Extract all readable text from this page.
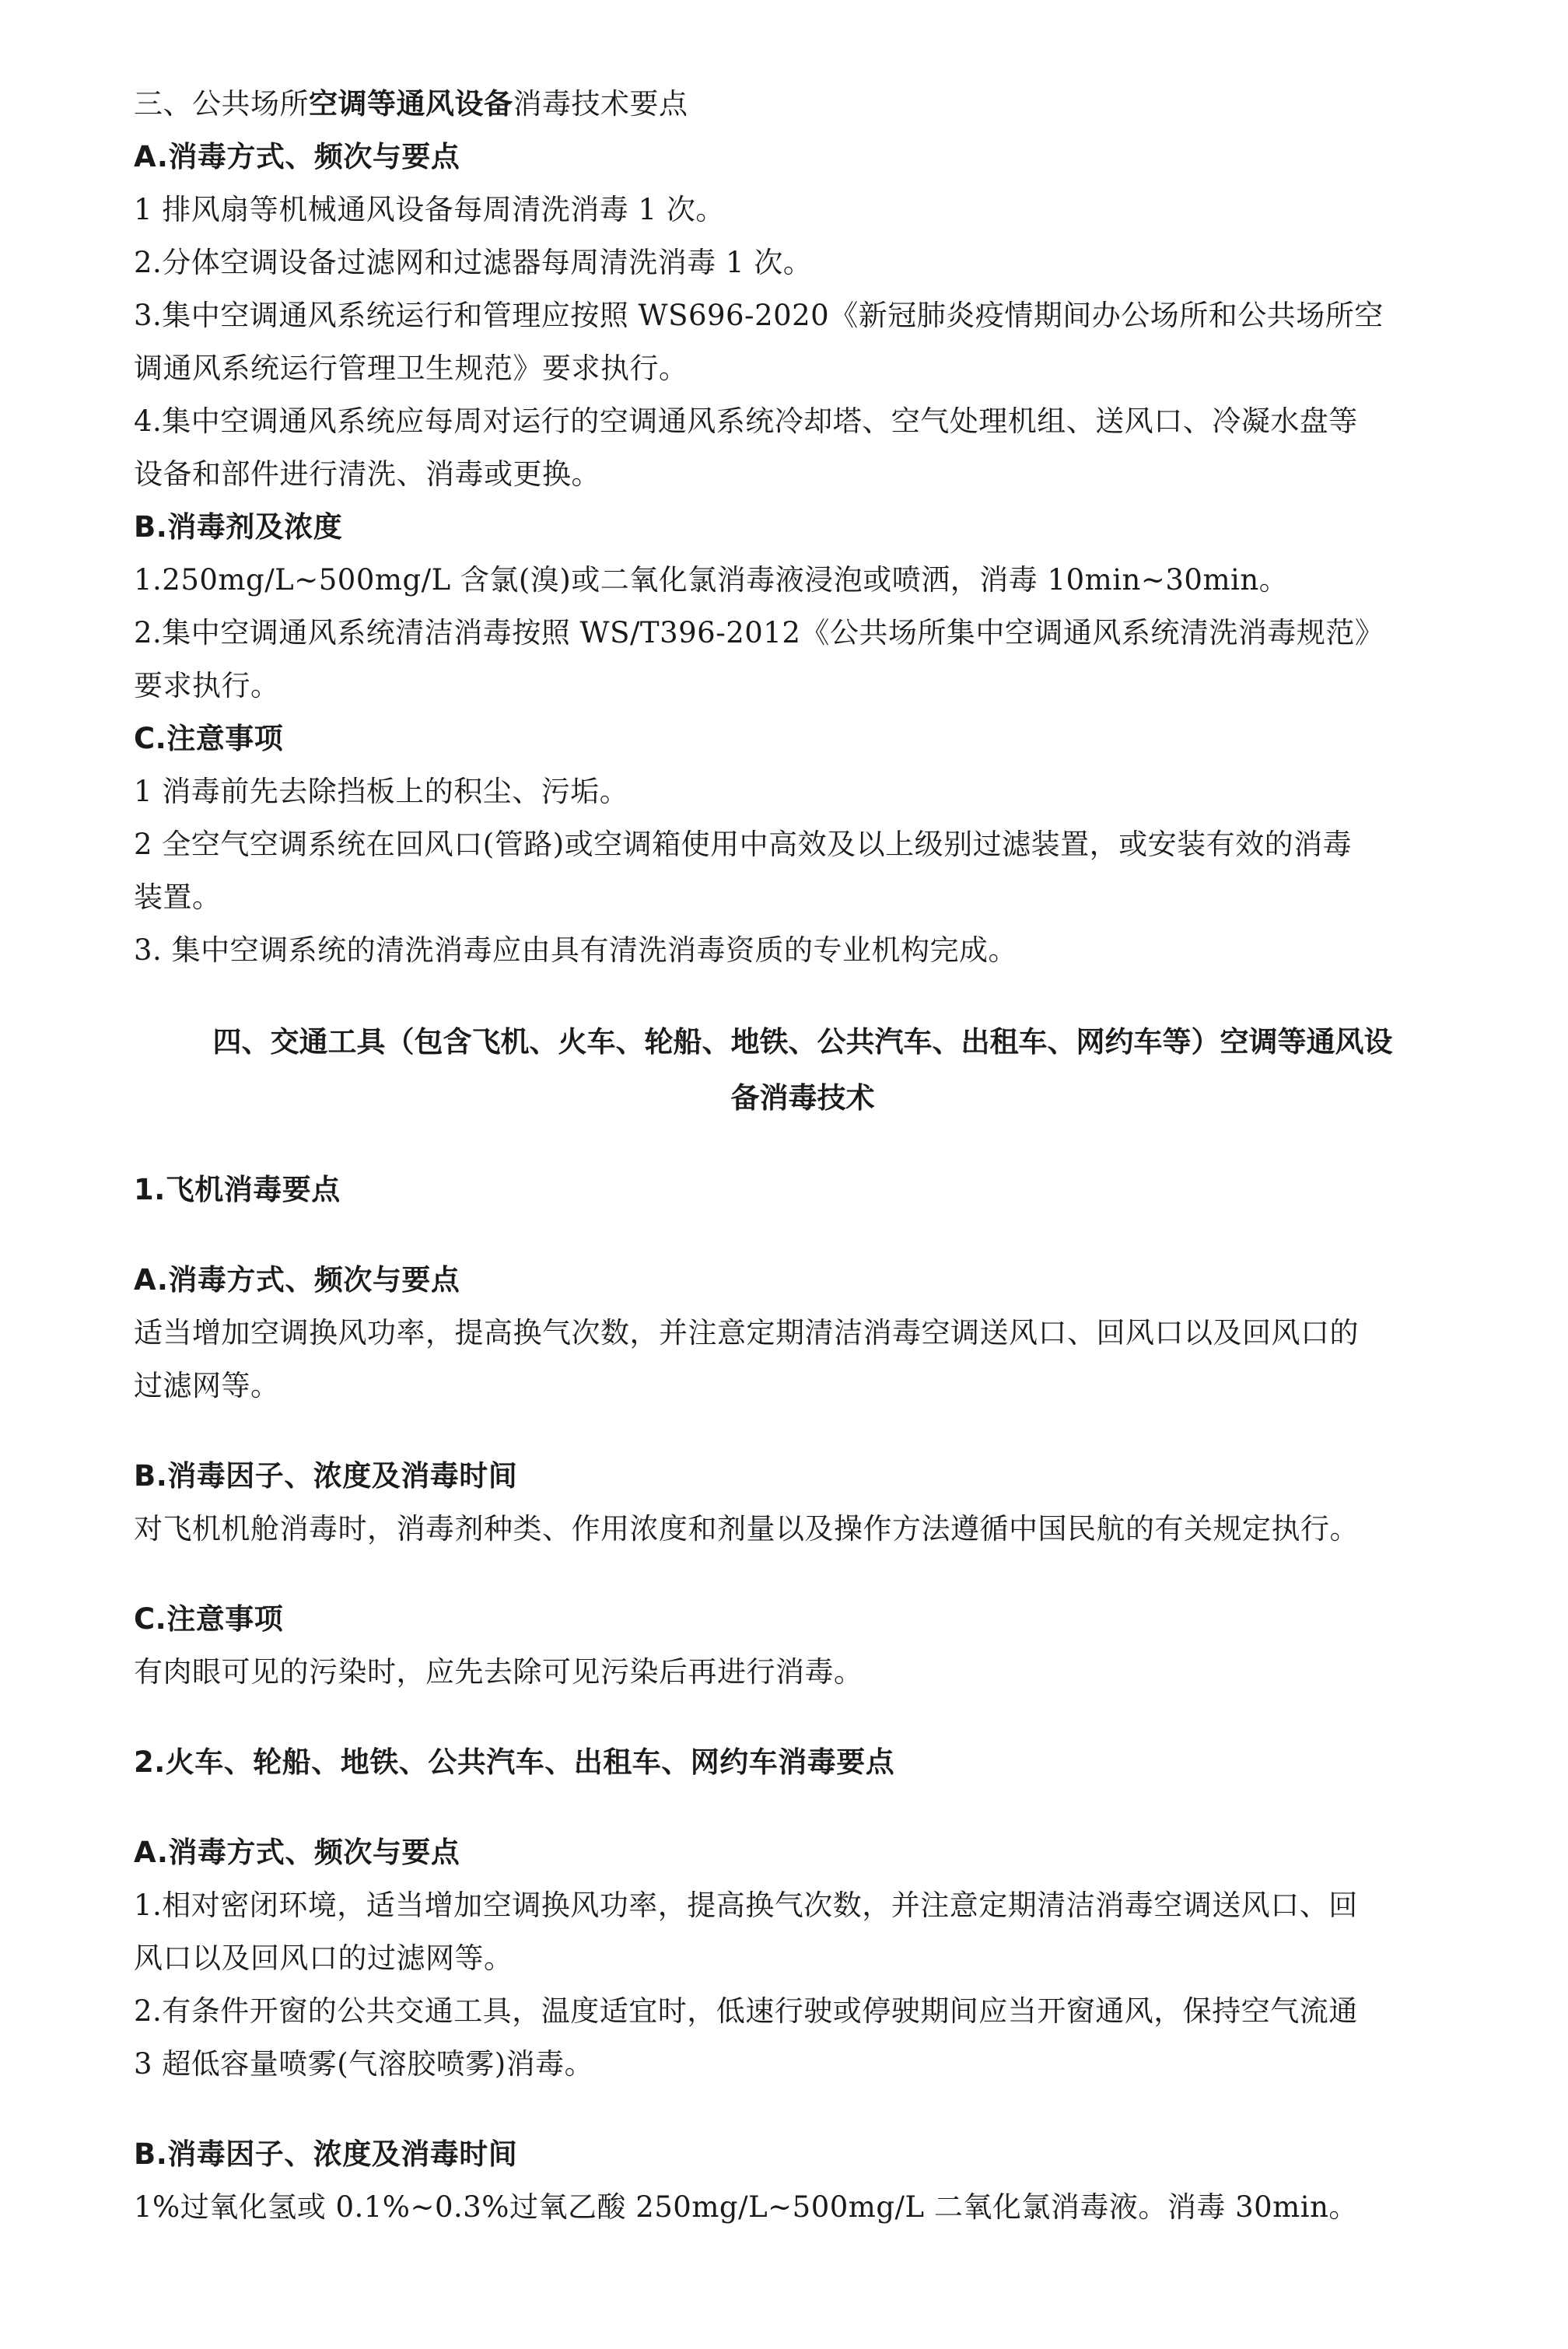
三、公共场所空调等通风设备消毒技术要点
A.消毒方式、频次与要点
1 排风扇等机械通风设备每周清洗消毒 1 次。
2.分体空调设备过滤网和过滤器每周清洗消毒 1 次。
3.集中空调通风系统运行和管理应按照 WS696-2020《新冠肺炎疫情期间办公场所和公共场所空
调通风系统运行管理卫生规范》要求执行。
4.集中空调通风系统应每周对运行的空调通风系统冷却塔、空气处理机组、送风口、冷凝水盘等
设备和部件进行清洗、消毒或更换。
B.消毒剂及浓度
1.250mg/L~500mg/L 含氯(溴)或二氧化氯消毒液浸泡或喷洒，消毒 10min~30min。
2.集中空调通风系统清洁消毒按照 WS/T396-2012《公共场所集中空调通风系统清洗消毒规范》
要求执行。
C.注意事项
1 消毒前先去除挡板上的积尘、污垢。
2 全空气空调系统在回风口(管路)或空调箱使用中高效及以上级别过滤装置，或安装有效的消毒
装置。
3. 集中空调系统的清洗消毒应由具有清洗消毒资质的专业机构完成。
四、交通工具（包含飞机、火车、轮船、地铁、公共汽车、出租车、网约车等）空调等通风设
备消毒技术
1.飞机消毒要点
A.消毒方式、频次与要点
适当增加空调换风功率，提高换气次数，并注意定期清洁消毒空调送风口、回风口以及回风口的
过滤网等。
B.消毒因子、浓度及消毒时间
对飞机机舱消毒时，消毒剂种类、作用浓度和剂量以及操作方法遵循中国民航的有关规定执行。
C.注意事项
有肉眼可见的污染时，应先去除可见污染后再进行消毒。
2.火车、轮船、地铁、公共汽车、出租车、网约车消毒要点
A.消毒方式、频次与要点
1.相对密闭环境，适当增加空调换风功率，提高换气次数，并注意定期清洁消毒空调送风口、回
风口以及回风口的过滤网等。
2.有条件开窗的公共交通工具，温度适宜时，低速行驶或停驶期间应当开窗通风，保持空气流通
3 超低容量喷雾(气溶胶喷雾)消毒。
B.消毒因子、浓度及消毒时间
1%过氧化氢或 0.1%~0.3%过氧乙酸 250mg/L~500mg/L 二氧化氯消毒液。消毒 30min。
